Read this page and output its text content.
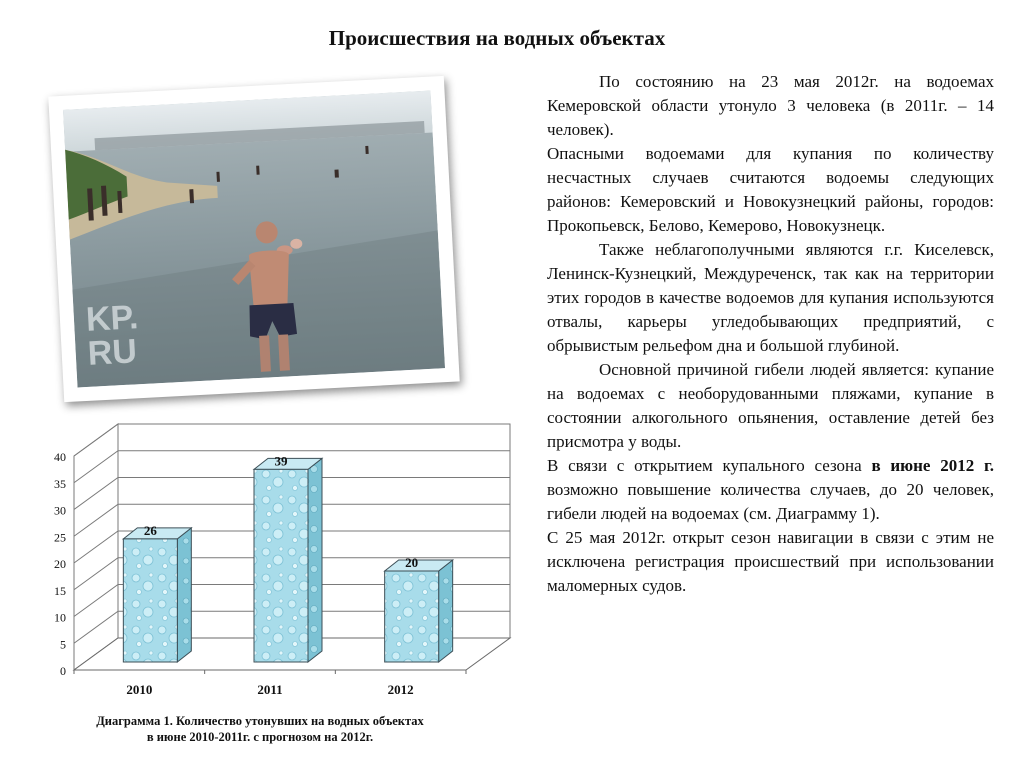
Происшествия на водных объектах
KP.
RU

По состоянию на 23 мая 2012г. на водоемах Кемеровской области утонуло 3 человека (в 2011г. – 14 человек).

Опасными водоемами для купания по количеству несчастных случаев считаются водоемы следующих районов: Кемеровский и Новокузнецкий районы, городов: Прокопьевск, Белово, Кемерово, Новокузнецк.

Также неблагополучными являются г.г. Киселевск, Ленинск-Кузнецкий, Междуреченск, так как на территории этих городов в качестве водоемов для купания используются отвалы, карьеры угледобывающих предприятий, с обрывистым рельефом дна и большой глубиной.

Основной причиной гибели людей является: купание на водоемах с необорудованными пляжами, купание в состоянии алкогольного опьянения, оставление детей без присмотра у воды.

В связи с открытием купального сезона в июне 2012 г. возможно повышение количества случаев, до 20 человек, гибели людей на водоемах (см. Диаграмму 1).

С 25 мая 2012г. открыт сезон навигации в связи с этим не исключена регистрация происшествий при использовании маломерных судов.

0
5
10
15
20
25
30
35
40
2010	2011	2012
26
39
20
Диаграмма 1. Количество утонувших на водных объектах
в июне 2010-2011г. с прогнозом на 2012г.
